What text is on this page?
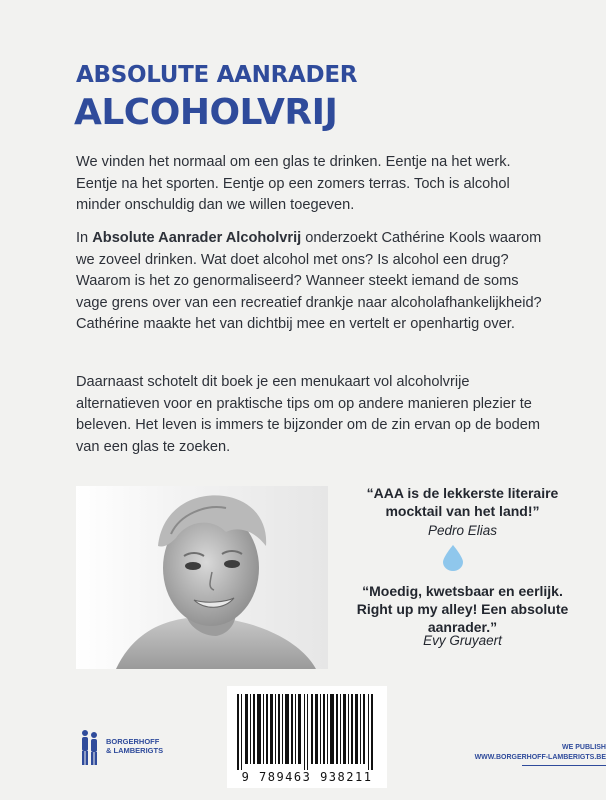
ABSOLUTE AANRADER
ALCOHOLVRIJ

We vinden het normaal om een glas te drinken. Eentje na het werk. Eentje na het sporten. Eentje op een zomers terras. Toch is alcohol minder onschuldig dan we willen toegeven.

In Absolute Aanrader Alcoholvrij onderzoekt Cathérine Kools waarom we zoveel drinken. Wat doet alcohol met ons? Is alcohol een drug? Waarom is het zo genormaliseerd? Wanneer steekt iemand de soms vage grens over van een recreatief drankje naar alcoholafhankelijkheid? Cathérine maakte het van dichtbij mee en vertelt er openhartig over.

Daarnaast schotelt dit boek je een menukaart vol alcoholvrije alternatieven voor en praktische tips om op andere manieren plezier te beleven. Het leven is immers te bijzonder om de zin ervan op de bodem van een glas te zoeken.

“AAA is de lekkerste literaire mocktail van het land!”
Pedro Elias
“Moedig, kwetsbaar en eerlijk. Right up my alley! Een absolute aanrader.”
Evy Gruyaert
9 789463 938211
BORGERHOFF
& LAMBERIGTS	WE PUBLISH
WWW.BORGERHOFF-LAMBERIGTS.BE
